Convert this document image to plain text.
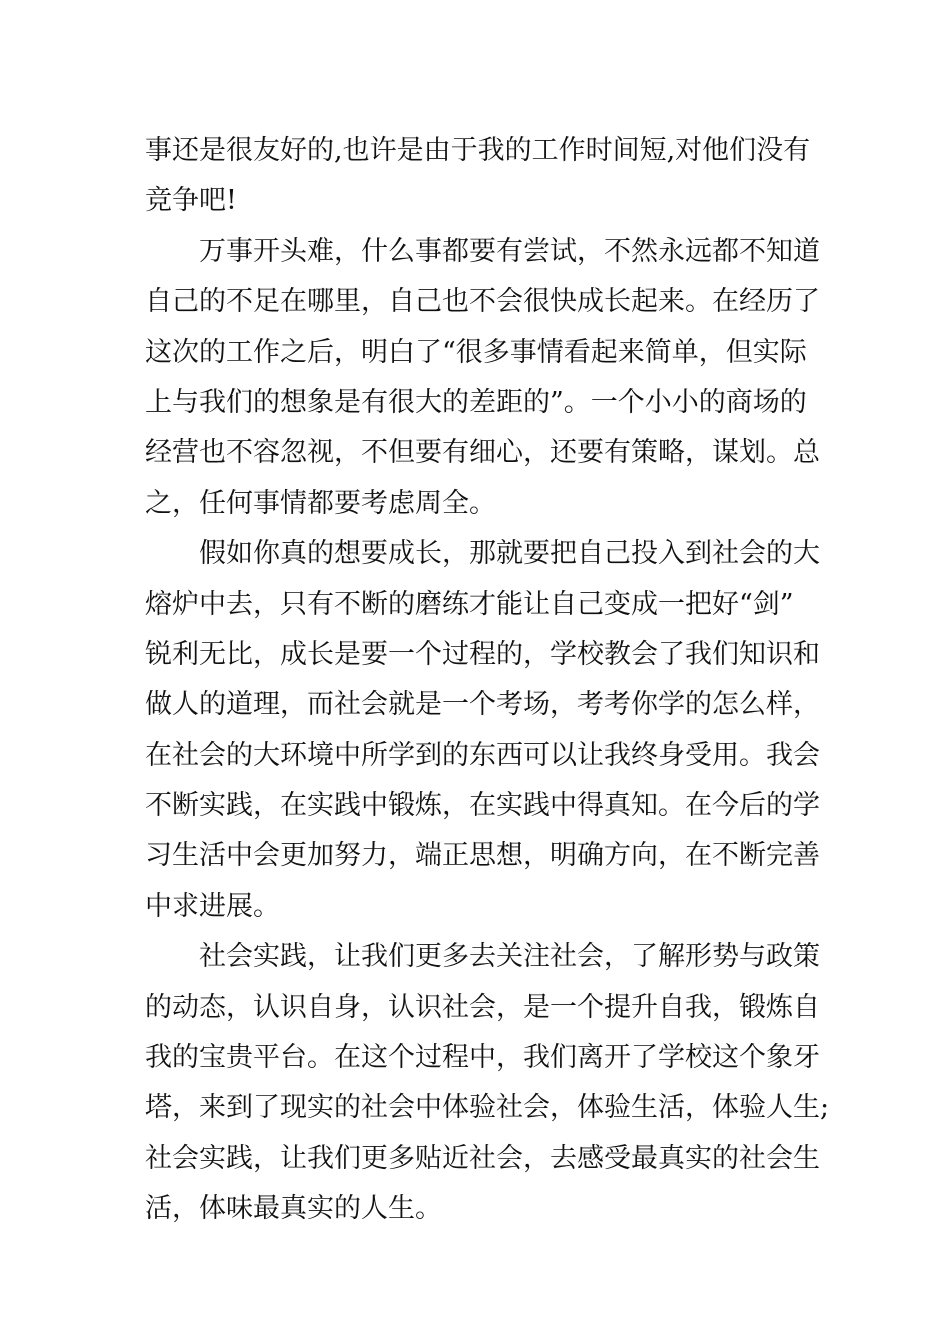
事还是很友好的,也许是由于我的工作时间短,对他们没有
竞争吧!
　　万事开头难，什么事都要有尝试，不然永远都不知道
自己的不足在哪里，自己也不会很快成长起来。在经历了
这次的工作之后，明白了“很多事情看起来简单，但实际
上与我们的想象是有很大的差距的”。一个小小的商场的
经营也不容忽视，不但要有细心，还要有策略，谋划。总
之，任何事情都要考虑周全。
　　假如你真的想要成长，那就要把自己投入到社会的大
熔炉中去，只有不断的磨练才能让自己变成一把好“剑”
锐利无比，成长是要一个过程的，学校教会了我们知识和
做人的道理，而社会就是一个考场，考考你学的怎么样，
在社会的大环境中所学到的东西可以让我终身受用。我会
不断实践，在实践中锻炼，在实践中得真知。在今后的学
习生活中会更加努力，端正思想，明确方向，在不断完善
中求进展。
　　社会实践，让我们更多去关注社会，了解形势与政策
的动态，认识自身，认识社会，是一个提升自我，锻炼自
我的宝贵平台。在这个过程中，我们离开了学校这个象牙
塔，来到了现实的社会中体验社会，体验生活，体验人生;
社会实践，让我们更多贴近社会，去感受最真实的社会生
活，体味最真实的人生。
